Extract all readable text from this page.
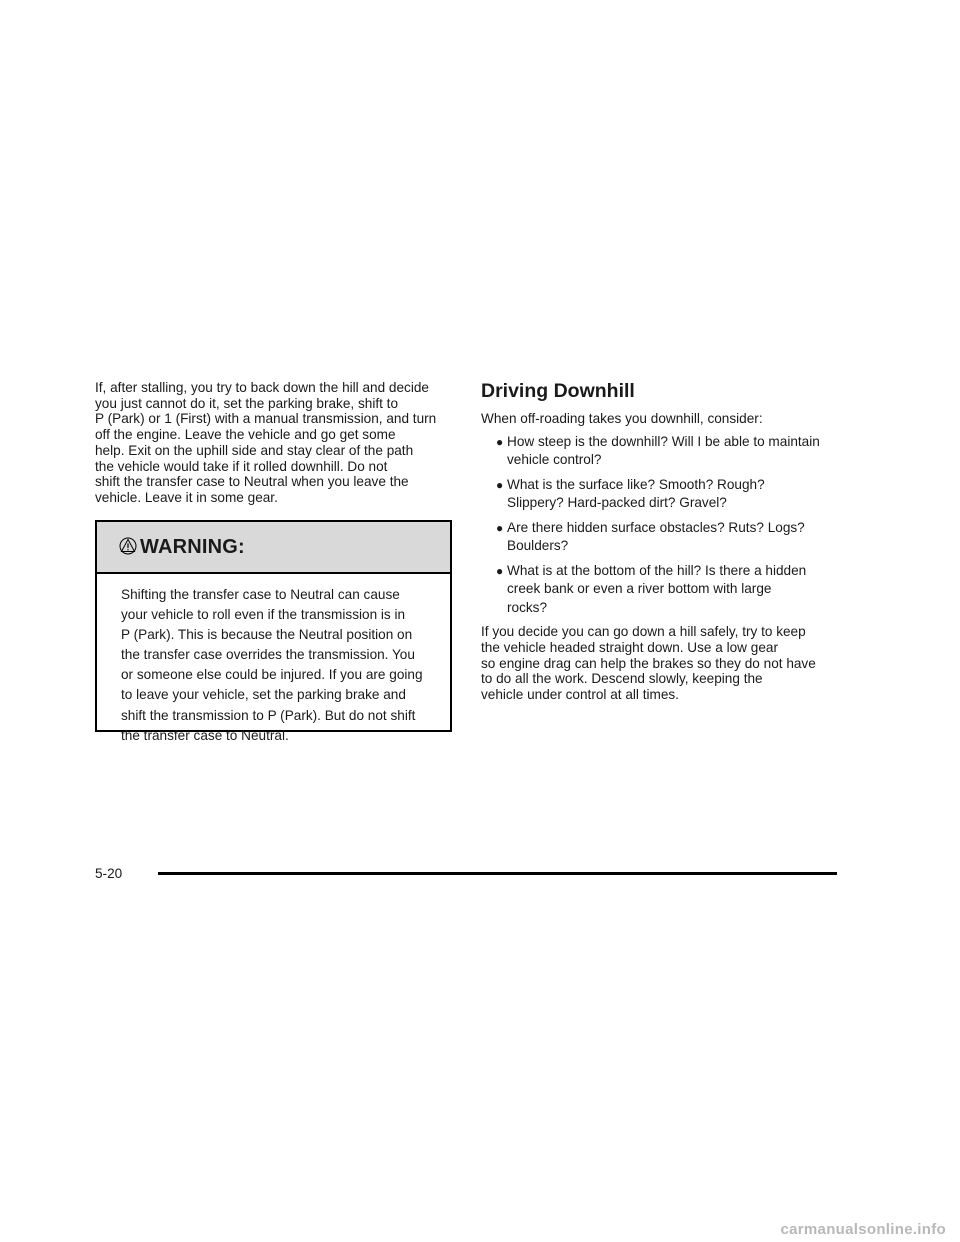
If, after stalling, you try to back down the hill and decide
you just cannot do it, set the parking brake, shift to
P (Park) or 1 (First) with a manual transmission, and turn
off the engine. Leave the vehicle and go get some
help. Exit on the uphill side and stay clear of the path
the vehicle would take if it rolled downhill. Do not
shift the transfer case to Neutral when you leave the
vehicle. Leave it in some gear.

WARNING:

Shifting the transfer case to Neutral can cause
your vehicle to roll even if the transmission is in
P (Park). This is because the Neutral position on
the transfer case overrides the transmission. You
or someone else could be injured. If you are going
to leave your vehicle, set the parking brake and
shift the transmission to P (Park). But do not shift
the transfer case to Neutral.

Driving Downhill

When off-roading takes you downhill, consider:

● How steep is the downhill? Will I be able to maintain
vehicle control?
● What is the surface like? Smooth? Rough?
Slippery? Hard-packed dirt? Gravel?
● Are there hidden surface obstacles? Ruts? Logs?
Boulders?
● What is at the bottom of the hill? Is there a hidden
creek bank or even a river bottom with large
rocks?

If you decide you can go down a hill safely, try to keep
the vehicle headed straight down. Use a low gear
so engine drag can help the brakes so they do not have
to do all the work. Descend slowly, keeping the
vehicle under control at all times.

5-20
carmanualsonline.info
